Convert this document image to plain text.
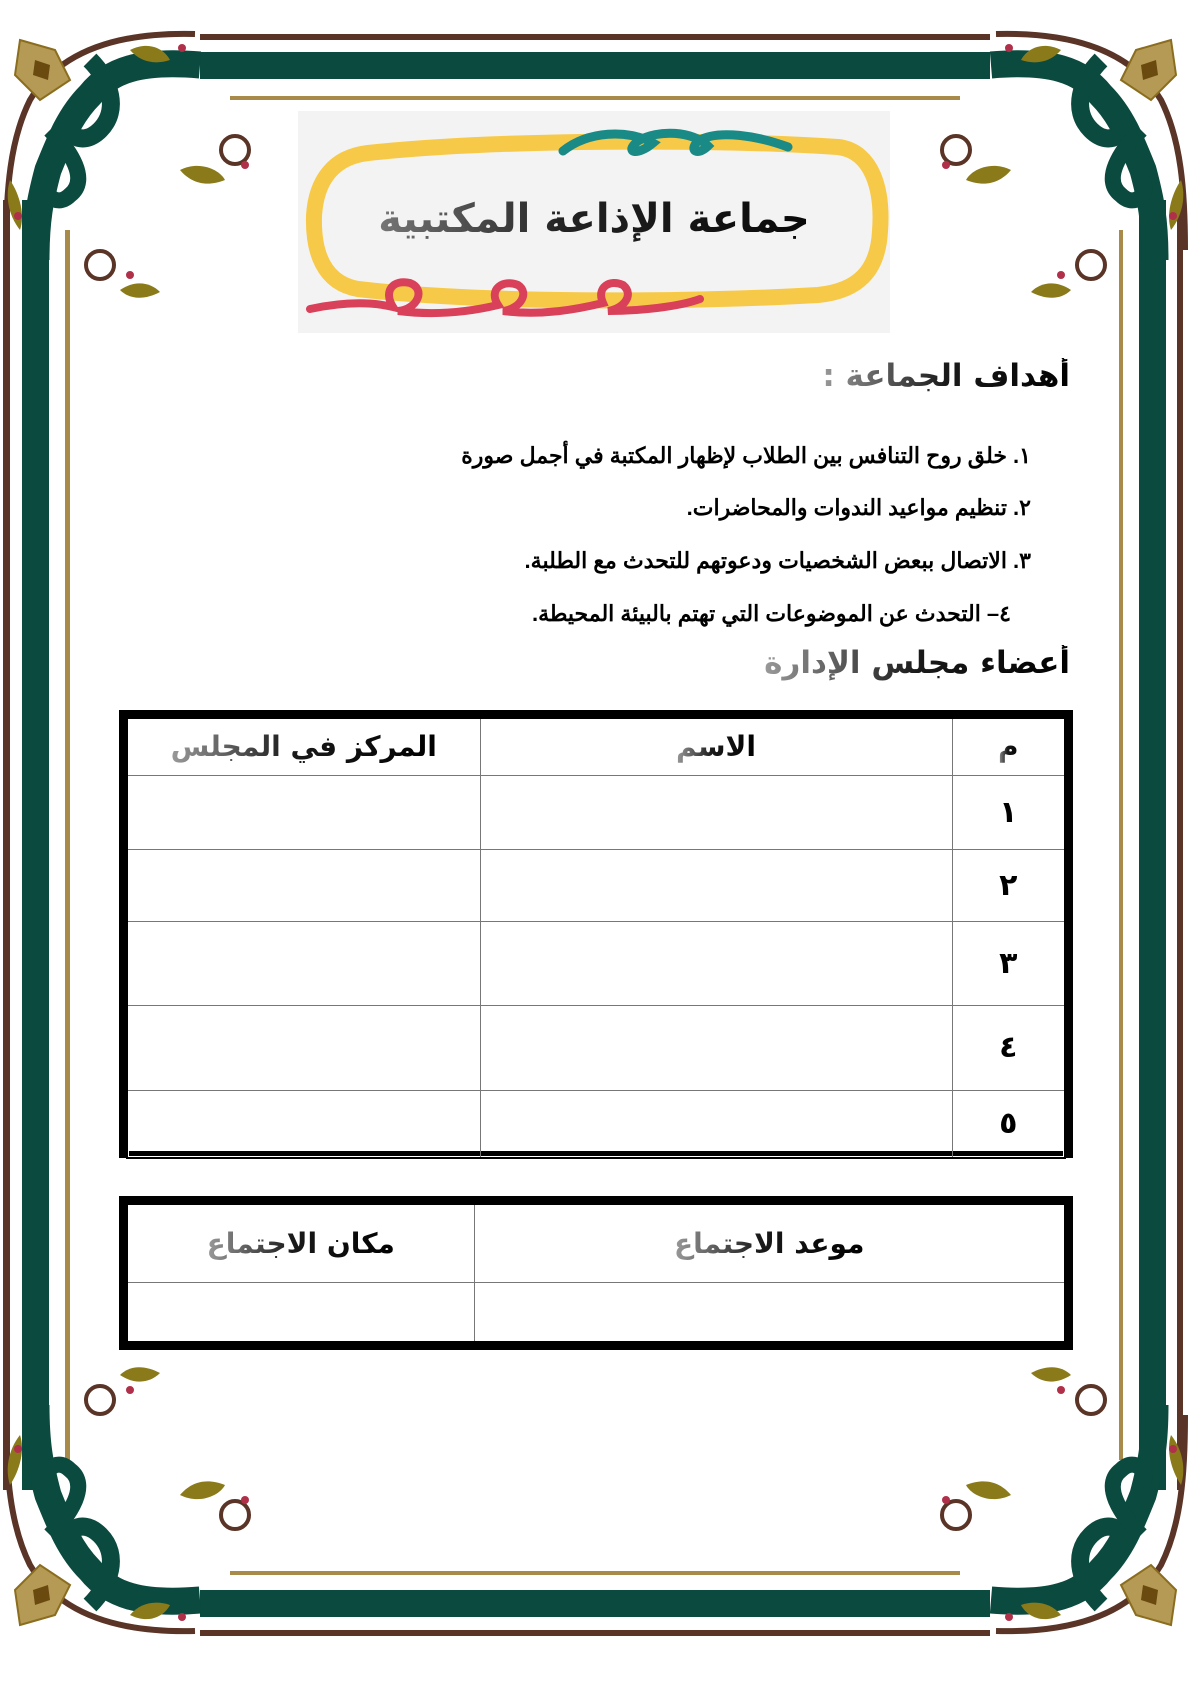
جماعة الإذاعة المكتبية
أهداف الجماعة :
١. خلق روح التنافس بين الطلاب لإظهار المكتبة في أجمل صورة
٢. تنظيم مواعيد الندوات والمحاضرات.
٣. الاتصال ببعض الشخصيات ودعوتهم للتحدث مع الطلبة.
٤– التحدث عن الموضوعات التي تهتم بالبيئة المحيطة.
أعضاء مجلس الإدارة
م	الاسم	المركز في المجلس
١		
٢		
٣		
٤		
٥		
موعد الاجتماع	مكان الاجتماع
